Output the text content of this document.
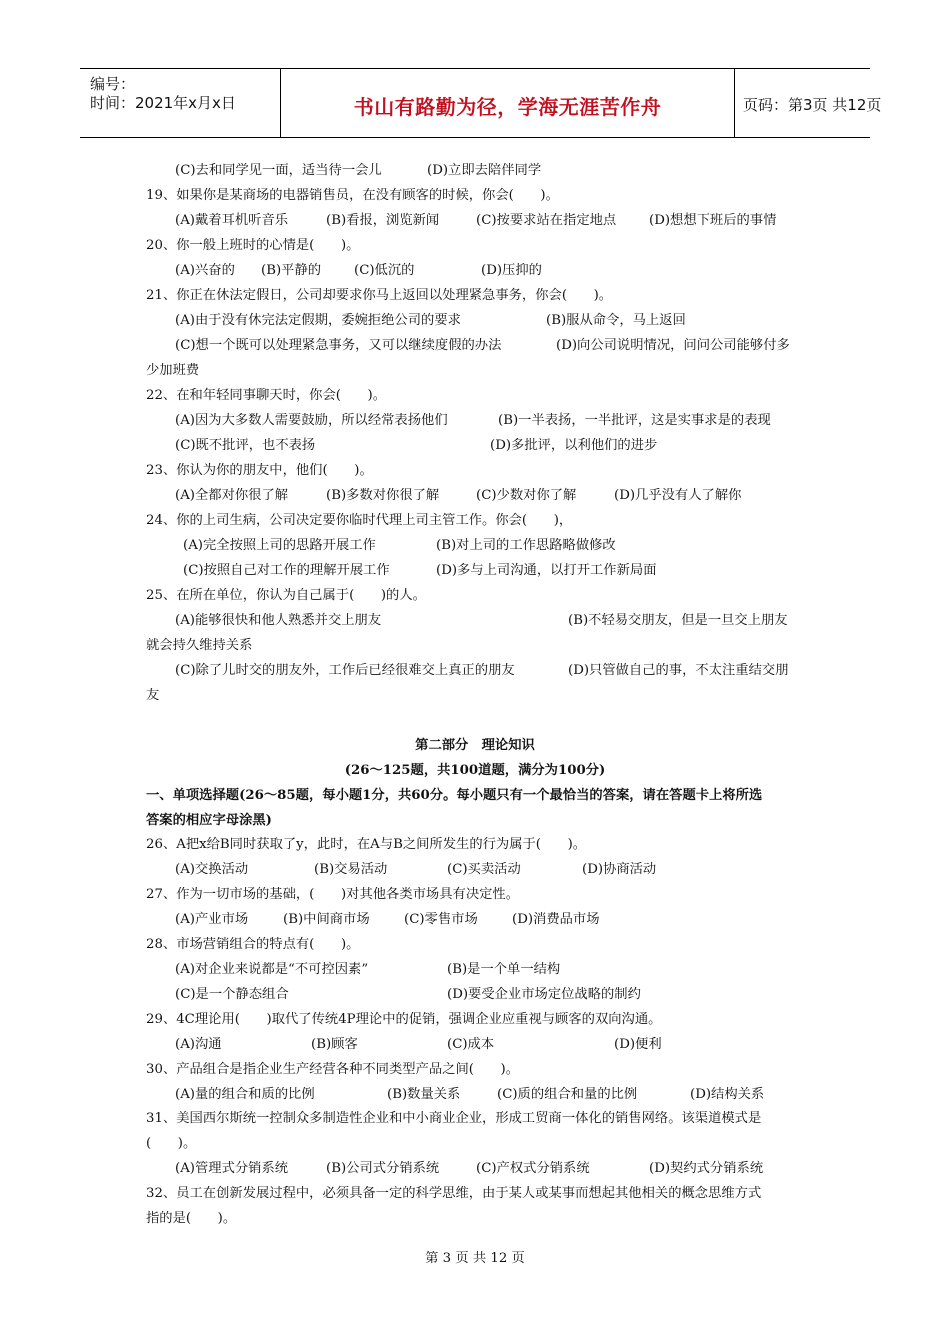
编号：
时间：2021年x月x日	书山有路勤为径，学海无涯苦作舟	页码：第3页 共12页
(C)去和同学见一面，适当待一会儿	(D)立即去陪伴同学
19、如果你是某商场的电器销售员，在没有顾客的时候，你会(　　)。
(A)戴着耳机听音乐	(B)看报，浏览新闻	(C)按要求站在指定地点 (D)想想下班后的事情
20、你一般上班时的心情是(　　)。
(A)兴奋的 (B)平静的 (C)低沉的	(D)压抑的
21、你正在休法定假日，公司却要求你马上返回以处理紧急事务，你会(　　)。
(A)由于没有休完法定假期，委婉拒绝公司的要求	(B)服从命令，马上返回
(C)想一个既可以处理紧急事务，又可以继续度假的办法	(D)向公司说明情况，问问公司能够付多
少加班费
22、在和年轻同事聊天时，你会(　　)。
(A)因为大多数人需要鼓励，所以经常表扬他们	(B)一半表扬，一半批评，这是实事求是的表现
(C)既不批评，也不表扬	(D)多批评，以利他们的进步
23、你认为你的朋友中，他们(　　)。
(A)全都对你很了解	(B)多数对你很了解	(C)少数对你了解	(D)几乎没有人了解你
24、你的上司生病，公司决定要你临时代理上司主管工作。你会(　　)，
(A)完全按照上司的思路开展工作	(B)对上司的工作思路略做修改
(C)按照自己对工作的理解开展工作	(D)多与上司沟通，以打开工作新局面
25、在所在单位，你认为自己属于(　　)的人。
(A)能够很快和他人熟悉并交上朋友	(B)不轻易交朋友，但是一旦交上朋友
就会持久维持关系
(C)除了儿时交的朋友外，工作后已经很难交上真正的朋友	(D)只管做自己的事，不太注重结交朋
友
第二部分　理论知识
(26～125题，共100道题，满分为100分)
一、单项选择题(26～85题，每小题1分，共60分。每小题只有一个最恰当的答案，请在答题卡上将所选
答案的相应字母涂黑)
26、A把x给B同时获取了y，此时，在A与B之间所发生的行为属于(　　)。
(A)交换活动	(B)交易活动	(C)买卖活动	(D)协商活动
27、作为一切市场的基础，(　　)对其他各类市场具有决定性。
(A)产业市场	(B)中间商市场	(C)零售市场	(D)消费品市场
28、市场营销组合的特点有(　　)。
(A)对企业来说都是“不可控因素”	(B)是一个单一结构
(C)是一个静态组合	(D)要受企业市场定位战略的制约
29、4C理论用(　　)取代了传统4P理论中的促销，强调企业应重视与顾客的双向沟通。
(A)沟通	(B)顾客	(C)成本	(D)便利
30、产品组合是指企业生产经营各种不同类型产品之间(　　)。
(A)量的组合和质的比例	(B)数量关系	(C)质的组合和量的比例	(D)结构关系
31、美国西尔斯统一控制众多制造性企业和中小商业企业，形成工贸商一体化的销售网络。该渠道模式是
(　　)。
(A)管理式分销系统	(B)公司式分销系统	(C)产权式分销系统	(D)契约式分销系统
32、员工在创新发展过程中，必须具备一定的科学思维，由于某人或某事而想起其他相关的概念思维方式
指的是(　　)。
第 3 页 共 12 页
